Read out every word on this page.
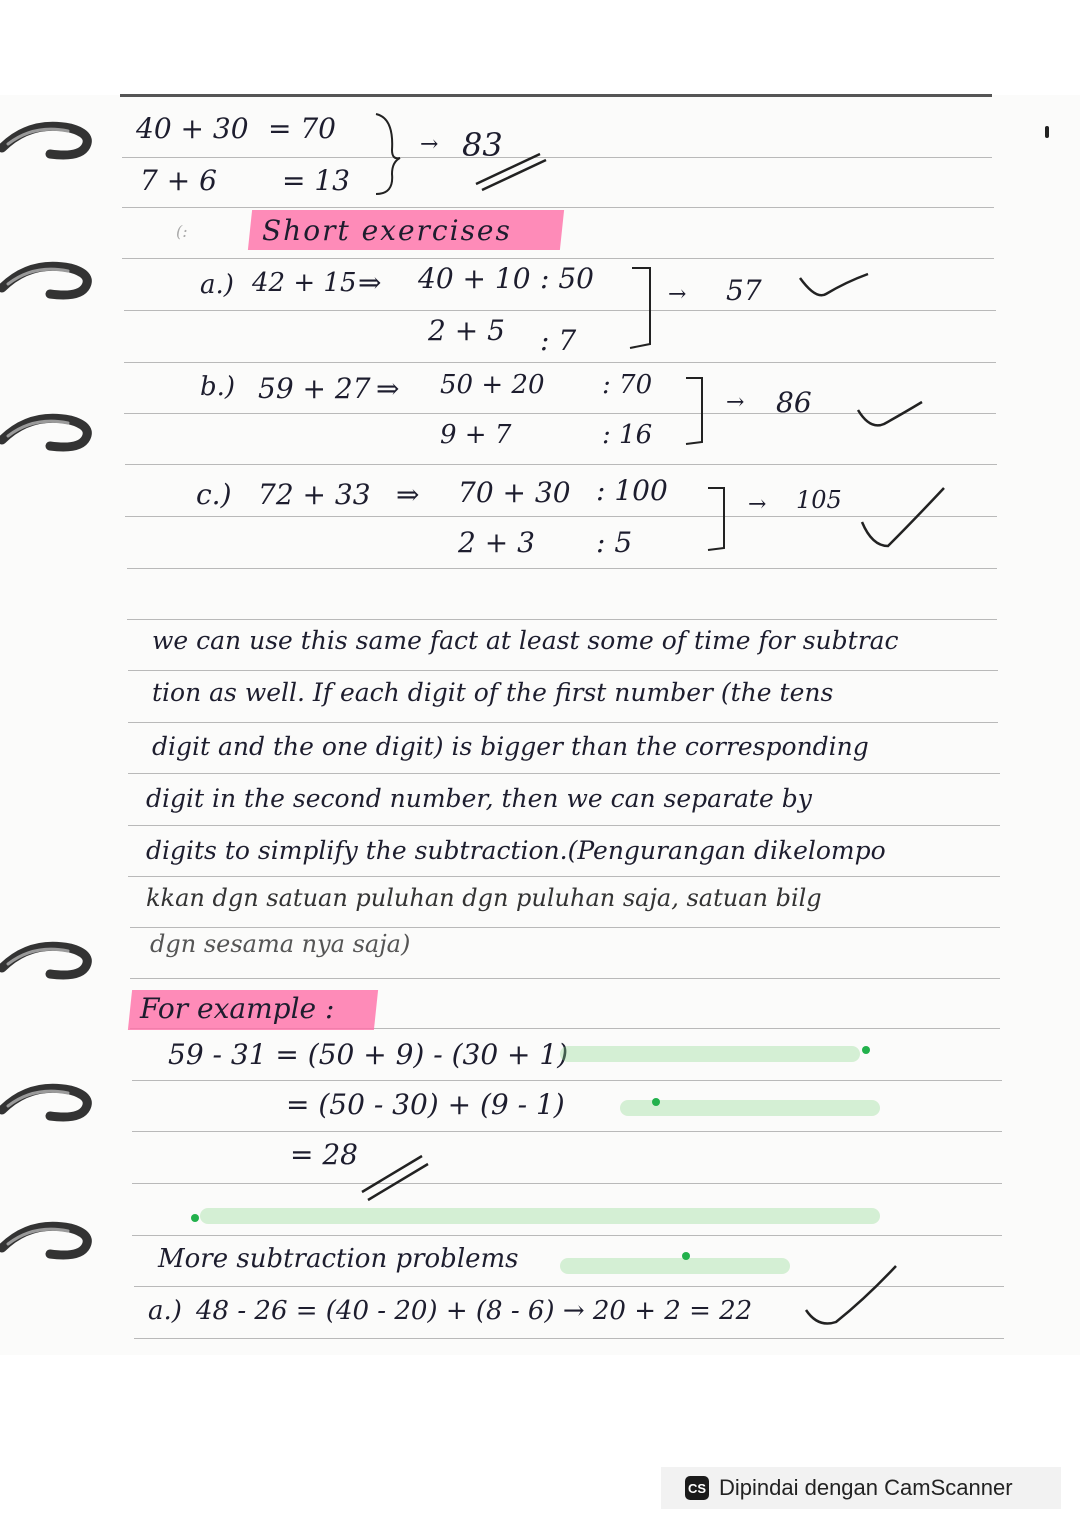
40 + 30 = 70
7 + 6 = 13
→ 83
(:	Short exercises
a.) 42 + 15 ⇒ 40 + 10 : 50
2 + 5 : 7
→ 57
b.) 59 + 27 ⇒ 50 + 20 : 70
9 + 7	: 16
→ 86
c.) 72 + 33 ⇒ 70 + 30 : 100
2 + 3 : 5
→ 105
we can use this same fact at least some of time for subtrac
tion as well. If each digit of the first number (the tens
digit and the one digit) is bigger than the corresponding
digit in the second number, then we can separate by
digits to simplify the subtraction.(Pengurangan dikelompo
kkan dgn satuan puluhan dgn puluhan saja, satuan bilg
dgn sesama nya saja)
For example :
59 - 31 = (50 + 9) - (30 + 1)
= (50 - 30) + (9 - 1)
= 28
More subtraction problems
a.) 48 - 26 = (40 - 20) + (8 - 6) → 20 + 2 = 22
CS Dipindai dengan CamScanner
